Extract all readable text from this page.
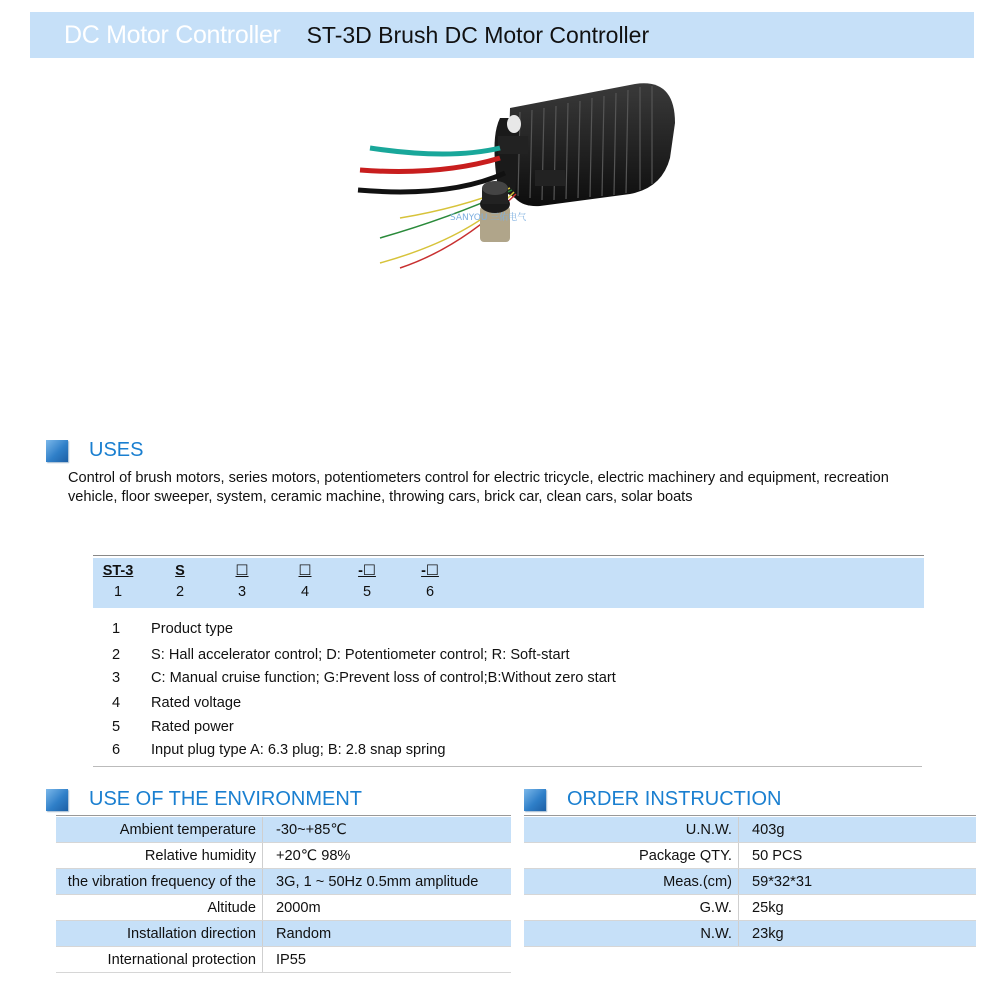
DC Motor Controller ST-3D Brush DC Motor Controller
SANYOU 三佑电气
USES
Control of brush motors, series motors, potentiometers control for electric tricycle, electric machinery and equipment, recreation vehicle, floor sweeper, system, ceramic machine, throwing cars, brick car, clean cars, solar boats
ST-3	S	☐	☐	-☐	-☐
1	2	3	4	5	6
1 Product type
2 S: Hall accelerator control; D: Potentiometer control; R: Soft-start
3 C: Manual cruise function; G:Prevent loss of control;B:Without zero start
4 Rated voltage
5 Rated power
6 Input plug type A: 6.3 plug; B: 2.8 snap spring
USE OF THE ENVIRONMENT
Ambient temperature	-30~+85℃
Relative humidity	+20℃ 98%
the vibration frequency of the	3G, 1 ~ 50Hz 0.5mm amplitude
Altitude	2000m
Installation direction	Random
International protection	IP55
ORDER INSTRUCTION
U.N.W.	403g
Package QTY.	50 PCS
Meas.(cm)	59*32*31
G.W.	25kg
N.W.	23kg
